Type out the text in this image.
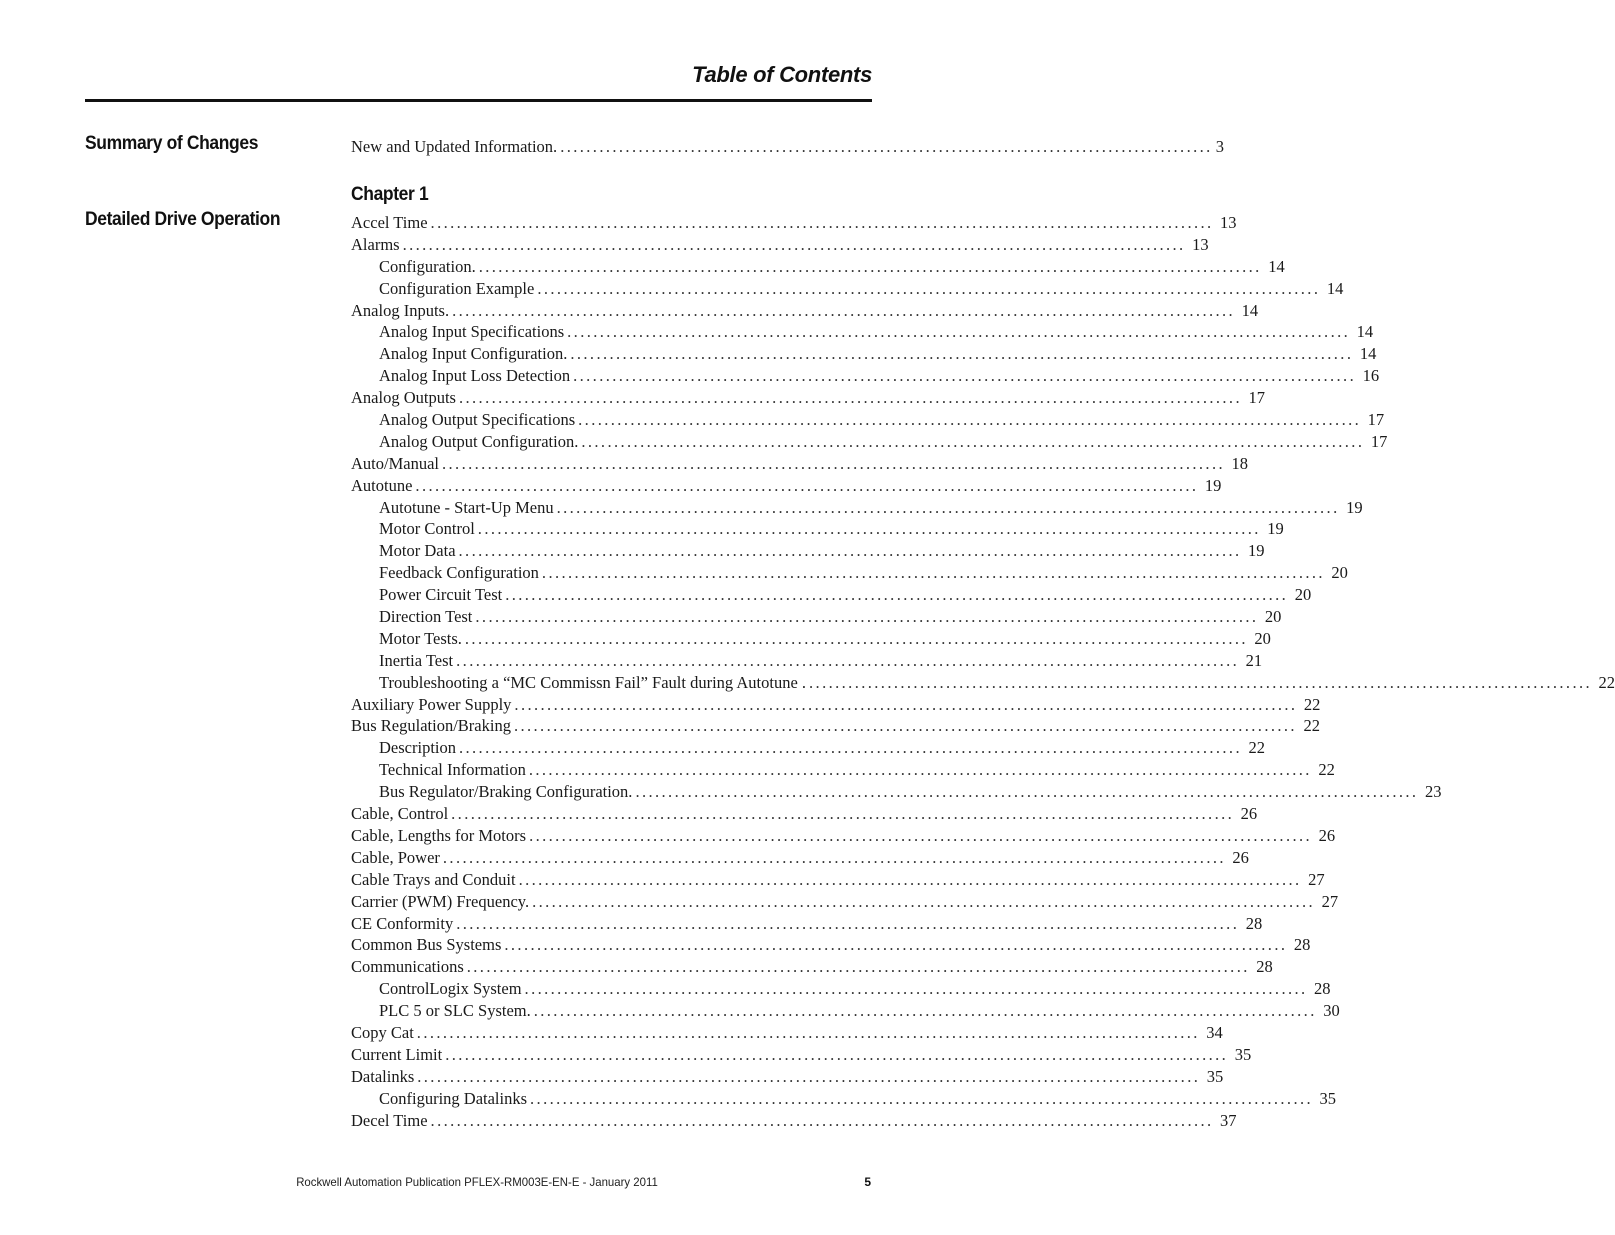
Table of Contents
Summary of Changes	New and Updated Information. .................................................................................................... 3
Detailed Drive Operation
Chapter 1
Accel Time ........................................................................................................................ 13
Alarms ........................................................................................................................ 13
Configuration. ........................................................................................................................ 14
Configuration Example ........................................................................................................................ 14
Analog Inputs. ........................................................................................................................ 14
Analog Input Specifications ........................................................................................................................ 14
Analog Input Configuration. ........................................................................................................................ 14
Analog Input Loss Detection ........................................................................................................................ 16
Analog Outputs ........................................................................................................................ 17
Analog Output Specifications ........................................................................................................................ 17
Analog Output Configuration. ........................................................................................................................ 17
Auto/Manual ........................................................................................................................ 18
Autotune ........................................................................................................................ 19
Autotune - Start-Up Menu ........................................................................................................................ 19
Motor Control ........................................................................................................................ 19
Motor Data ........................................................................................................................ 19
Feedback Configuration ........................................................................................................................ 20
Power Circuit Test ........................................................................................................................ 20
Direction Test ........................................................................................................................ 20
Motor Tests. ........................................................................................................................ 20
Inertia Test ........................................................................................................................ 21
Troubleshooting a “MC Commissn Fail” Fault during Autotune . ........................................................................................................................ 22
Auxiliary Power Supply ........................................................................................................................ 22
Bus Regulation/Braking ........................................................................................................................ 22
Description ........................................................................................................................ 22
Technical Information ........................................................................................................................ 22
Bus Regulator/Braking Configuration. ........................................................................................................................ 23
Cable, Control ........................................................................................................................ 26
Cable, Lengths for Motors ........................................................................................................................ 26
Cable, Power ........................................................................................................................ 26
Cable Trays and Conduit ........................................................................................................................ 27
Carrier (PWM) Frequency. ........................................................................................................................ 27
CE Conformity ........................................................................................................................ 28
Common Bus Systems ........................................................................................................................ 28
Communications ........................................................................................................................ 28
ControlLogix System ........................................................................................................................ 28
PLC 5 or SLC System. ........................................................................................................................ 30
Copy Cat ........................................................................................................................ 34
Current Limit ........................................................................................................................ 35
Datalinks ........................................................................................................................ 35
Configuring Datalinks ........................................................................................................................ 35
Decel Time ........................................................................................................................ 37
Rockwell Automation Publication PFLEX-RM003E-EN-E - January 2011	5
